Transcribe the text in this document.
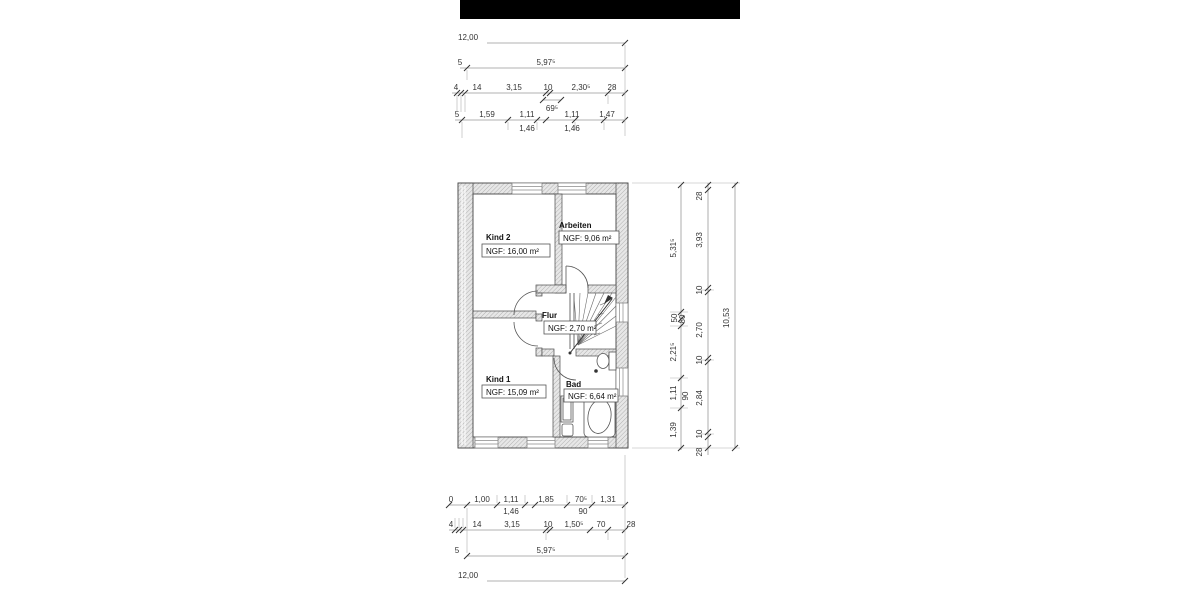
Kind 2
NGF: 16,00 m²
Arbeiten
NGF: 9,06 m²
Flur
NGF: 2,70 m²
Kind 1
NGF: 15,09 m²
Bad
NGF: 6,64 m²
12,00
5	5,97⁵
4 14	3,15	10 2,30⁵ 28
69⁵
5 1,59	1,11	1,11 1,47
1,46	1,46
0	1,00 1,11 1,85	70⁵ 1,31
1,46	90
4 14	3,15	10 1,50⁵ 70	28
5	5,97⁵
12,00
5,31⁵
50 80
2,21⁵
1,11 90
1,39
28
3,93
10
2,70
10
2,84
10
28
10,53
